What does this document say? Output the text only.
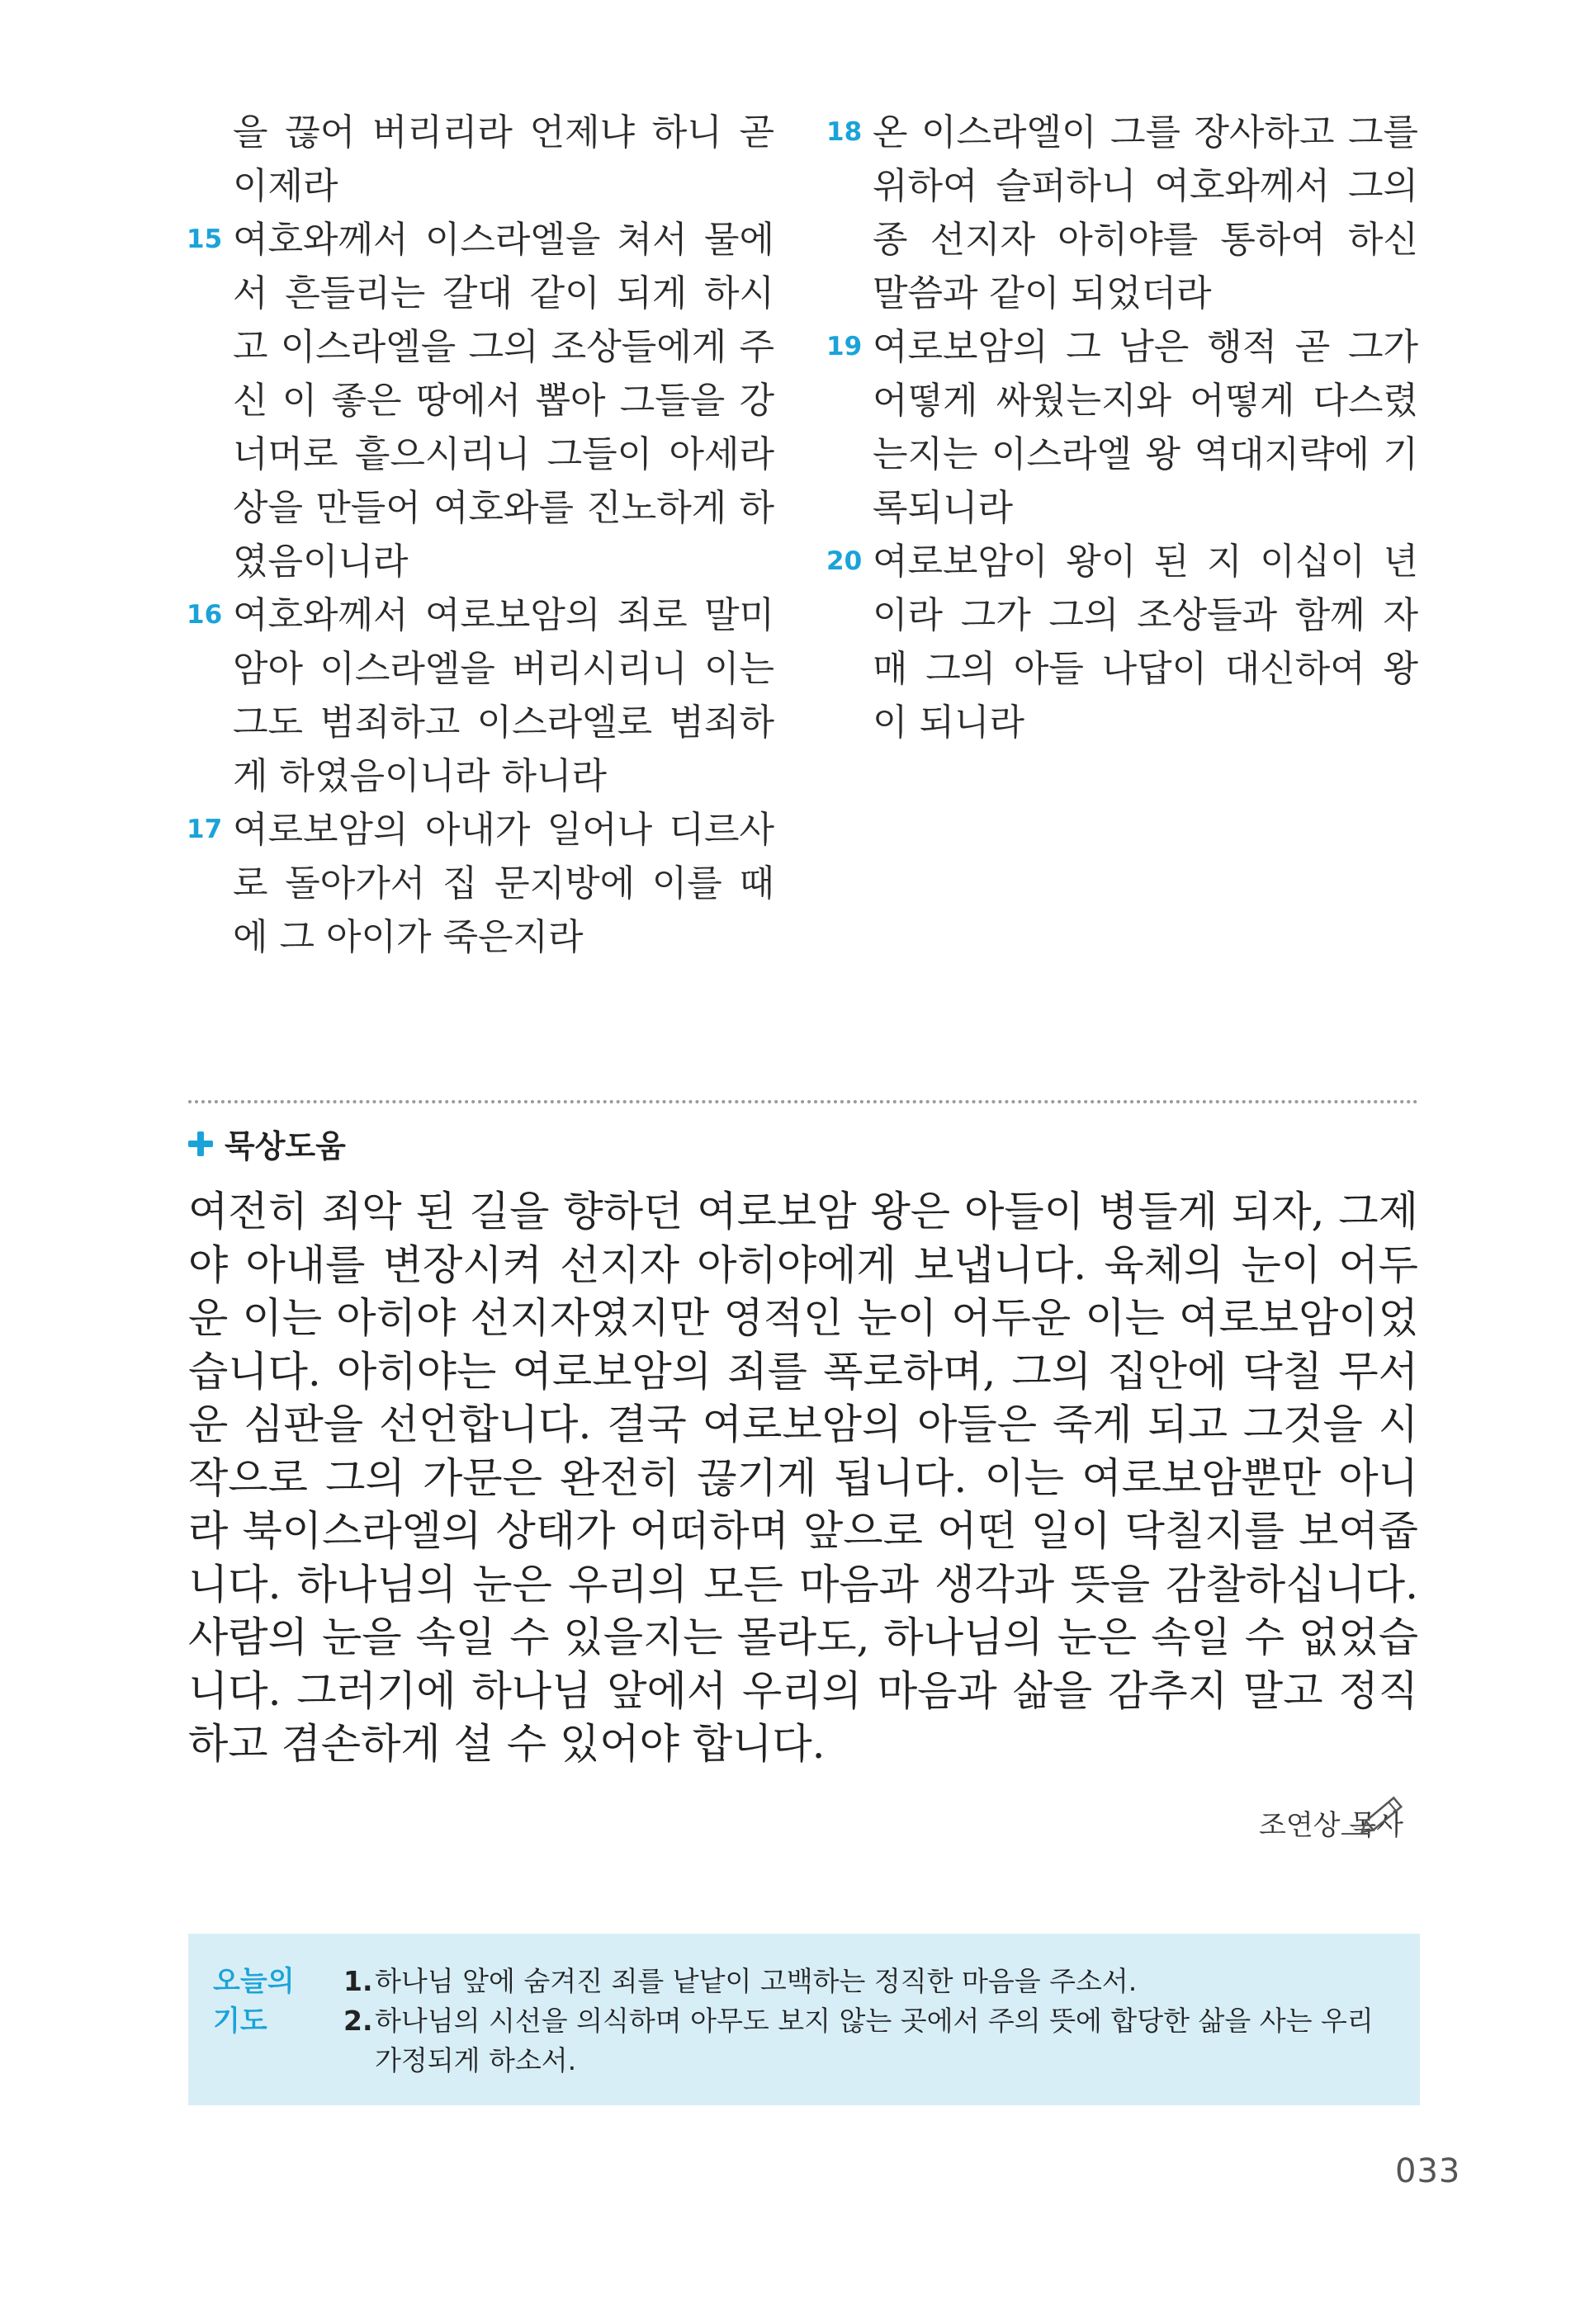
을 끊어 버리리라 언제냐 하니 곧 이제라
15 여호와께서 이스라엘을 쳐서 물에서 흔들리는 갈대 같이 되게 하시고 이스라엘을 그의 조상들에게 주신 이 좋은 땅에서 뽑아 그들을 강 너머로 흩으시리니 그들이 아세라 상을 만들어 여호와를 진노하게 하였음이니라
16 여호와께서 여로보암의 죄로 말미암아 이스라엘을 버리시리니 이는 그도 범죄하고 이스라엘로 범죄하게 하였음이니라 하니라
17 여로보암의 아내가 일어나 디르사로 돌아가서 집 문지방에 이를 때에 그 아이가 죽은지라
18 온 이스라엘이 그를 장사하고 그를 위하여 슬퍼하니 여호와께서 그의 종 선지자 아히야를 통하여 하신 말씀과 같이 되었더라
19 여로보암의 그 남은 행적 곧 그가 어떻게 싸웠는지와 어떻게 다스렸는지는 이스라엘 왕 역대지략에 기록되니라
20 여로보암이 왕이 된 지 이십이 년이라 그가 그의 조상들과 함께 자매 그의 아들 나답이 대신하여 왕이 되니라
묵상도움
여전히 죄악 된 길을 향하던 여로보암 왕은 아들이 병들게 되자, 그제야 아내를 변장시켜 선지자 아히야에게 보냅니다. 육체의 눈이 어두운 이는 아히야 선지자였지만 영적인 눈이 어두운 이는 여로보암이었습니다. 아히야는 여로보암의 죄를 폭로하며, 그의 집안에 닥칠 무서운 심판을 선언합니다. 결국 여로보암의 아들은 죽게 되고 그것을 시작으로 그의 가문은 완전히 끊기게 됩니다. 이는 여로보암뿐만 아니라 북이스라엘의 상태가 어떠하며 앞으로 어떤 일이 닥칠지를 보여줍니다. 하나님의 눈은 우리의 모든 마음과 생각과 뜻을 감찰하십니다. 사람의 눈을 속일 수 있을지는 몰라도, 하나님의 눈은 속일 수 없었습니다. 그러기에 하나님 앞에서 우리의 마음과 삶을 감추지 말고 정직하고 겸손하게 설 수 있어야 합니다.
조연상 목사
오늘의
기도
1. 하나님 앞에 숨겨진 죄를 낱낱이 고백하는 정직한 마음을 주소서.
2. 하나님의 시선을 의식하며 아무도 보지 않는 곳에서 주의 뜻에 합당한 삶을 사는 우리 가정되게 하소서.
033
